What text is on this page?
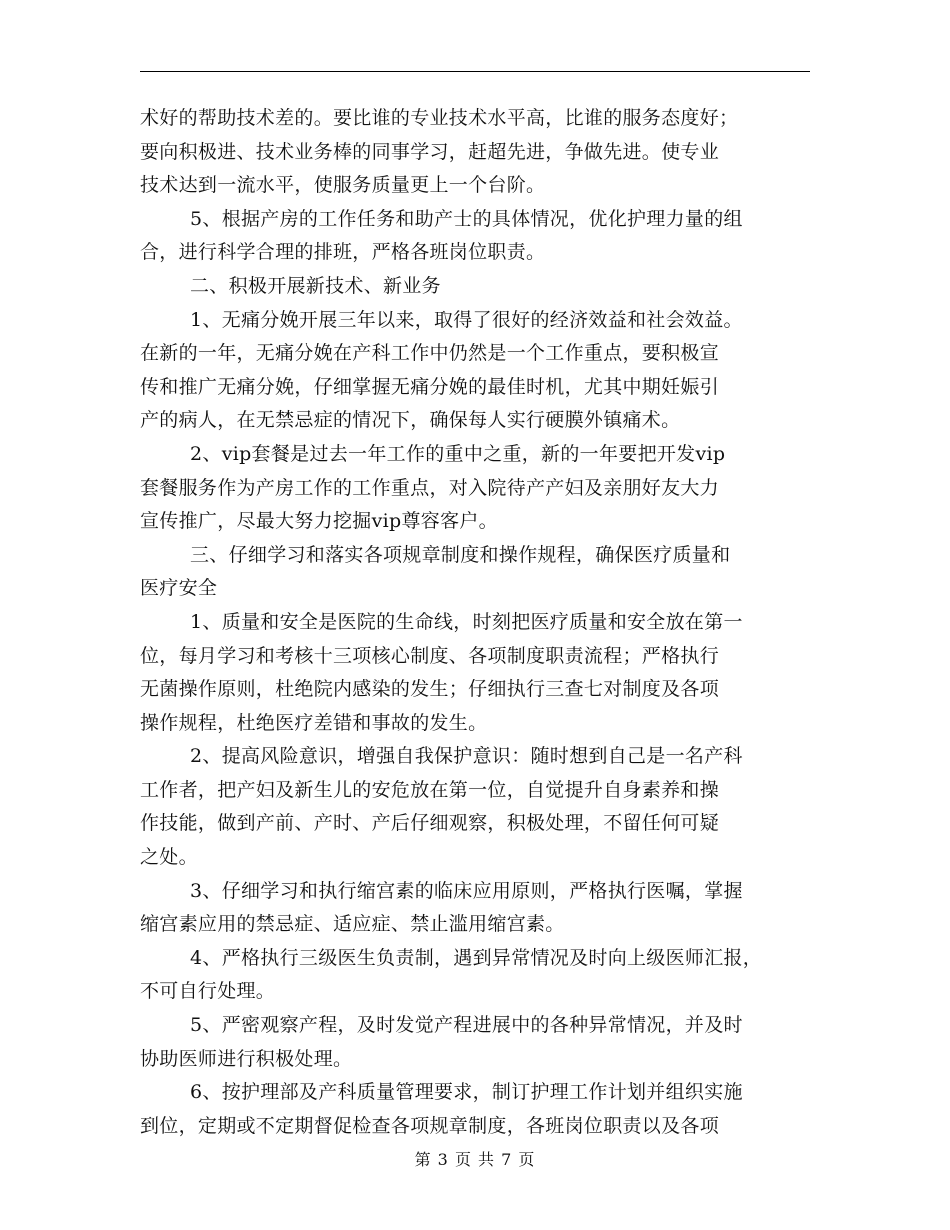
术好的帮助技术差的。要比谁的专业技术水平高，比谁的服务态度好；
要向积极进、技术业务棒的同事学习，赶超先进，争做先进。使专业
技术达到一流水平，使服务质量更上一个台阶。
5、根据产房的工作任务和助产士的具体情况，优化护理力量的组
合，进行科学合理的排班，严格各班岗位职责。
二、积极开展新技术、新业务
1、无痛分娩开展三年以来，取得了很好的经济效益和社会效益。
在新的一年，无痛分娩在产科工作中仍然是一个工作重点，要积极宣
传和推广无痛分娩，仔细掌握无痛分娩的最佳时机，尤其中期妊娠引
产的病人，在无禁忌症的情况下，确保每人实行硬膜外镇痛术。
2、vip套餐是过去一年工作的重中之重，新的一年要把开发vip
套餐服务作为产房工作的工作重点，对入院待产产妇及亲朋好友大力
宣传推广，尽最大努力挖掘vip尊容客户。
三、仔细学习和落实各项规章制度和操作规程，确保医疗质量和
医疗安全
1、质量和安全是医院的生命线，时刻把医疗质量和安全放在第一
位，每月学习和考核十三项核心制度、各项制度职责流程；严格执行
无菌操作原则，杜绝院内感染的发生；仔细执行三查七对制度及各项
操作规程，杜绝医疗差错和事故的发生。
2、提高风险意识，增强自我保护意识：随时想到自己是一名产科
工作者，把产妇及新生儿的安危放在第一位，自觉提升自身素养和操
作技能，做到产前、产时、产后仔细观察，积极处理，不留任何可疑
之处。
3、仔细学习和执行缩宫素的临床应用原则，严格执行医嘱，掌握
缩宫素应用的禁忌症、适应症、禁止滥用缩宫素。
4、严格执行三级医生负责制，遇到异常情况及时向上级医师汇报，
不可自行处理。
5、严密观察产程，及时发觉产程进展中的各种异常情况，并及时
协助医师进行积极处理。
6、按护理部及产科质量管理要求，制订护理工作计划并组织实施
到位，定期或不定期督促检查各项规章制度，各班岗位职责以及各项
第 3 页 共 7 页
